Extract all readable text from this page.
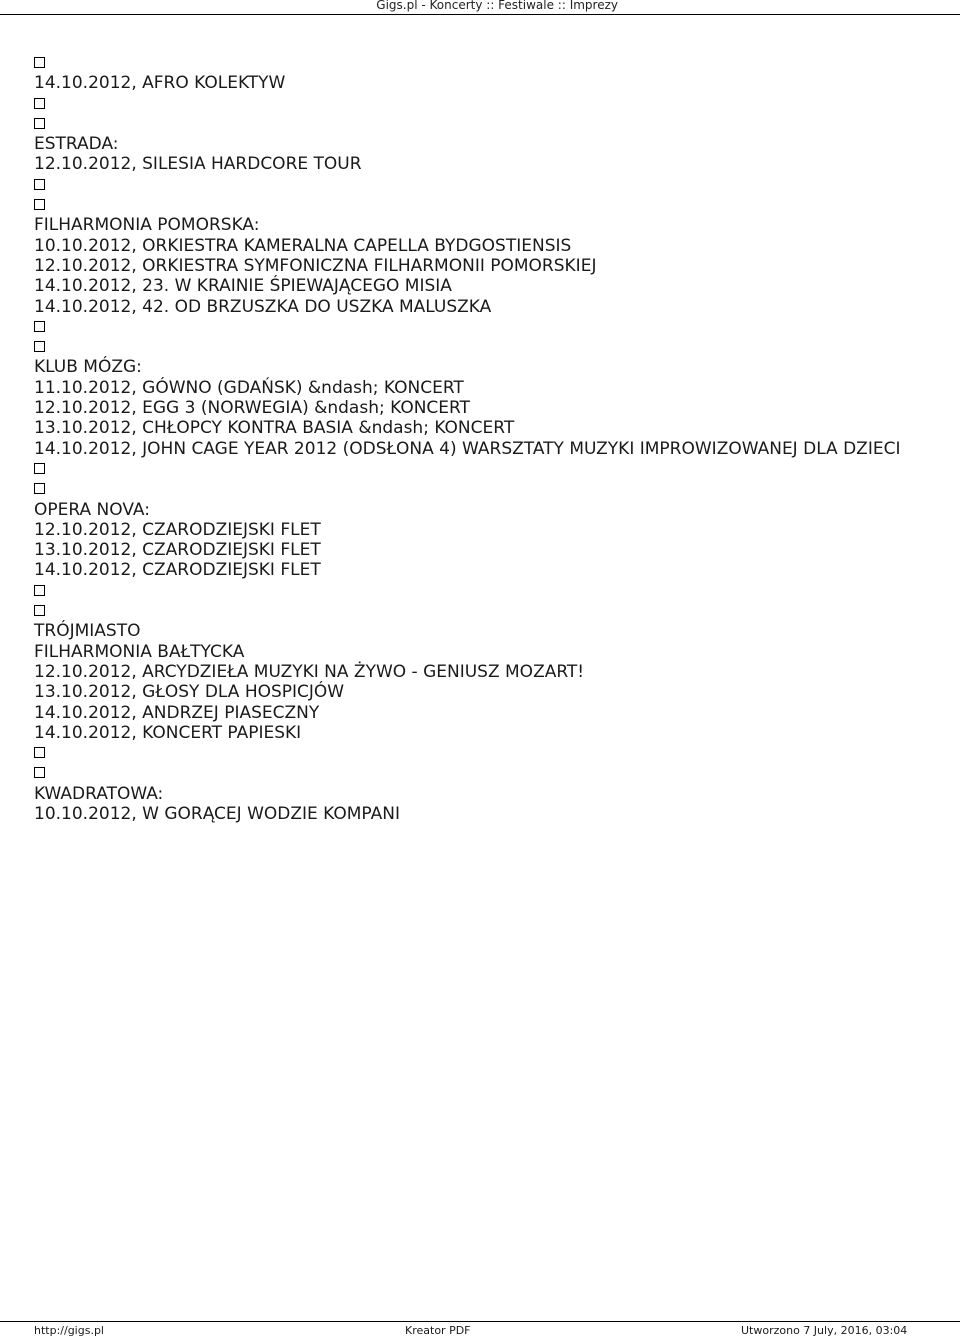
Gigs.pl - Koncerty :: Festiwale :: Imprezy
14.10.2012, AFRO KOLEKTYW
ESTRADA:
12.10.2012, SILESIA HARDCORE TOUR
FILHARMONIA POMORSKA:
10.10.2012, ORKIESTRA KAMERALNA CAPELLA BYDGOSTIENSIS
12.10.2012, ORKIESTRA SYMFONICZNA FILHARMONII POMORSKIEJ
14.10.2012, 23. W KRAINIE ŚPIEWAJĄCEGO MISIA
14.10.2012, 42. OD BRZUSZKA DO USZKA MALUSZKA
KLUB MÓZG:
11.10.2012, GÓWNO (GDAŃSK) &ndash; KONCERT
12.10.2012, EGG 3 (NORWEGIA) &ndash; KONCERT
13.10.2012, CHŁOPCY KONTRA BASIA &ndash; KONCERT
14.10.2012, JOHN CAGE YEAR 2012 (ODSŁONA 4) WARSZTATY MUZYKI IMPROWIZOWANEJ DLA DZIECI
OPERA NOVA:
12.10.2012, CZARODZIEJSKI FLET
13.10.2012, CZARODZIEJSKI FLET
14.10.2012, CZARODZIEJSKI FLET
TRÓJMIASTO
FILHARMONIA BAŁTYCKA
12.10.2012, ARCYDZIEŁA MUZYKI NA ŻYWO - GENIUSZ MOZART!
13.10.2012, GŁOSY DLA HOSPICJÓW
14.10.2012, ANDRZEJ PIASECZNY
14.10.2012, KONCERT PAPIESKI
KWADRATOWA:
10.10.2012, W GORĄCEJ WODZIE KOMPANI
http://gigs.pl	Kreator PDF	Utworzono 7 July, 2016, 03:04
